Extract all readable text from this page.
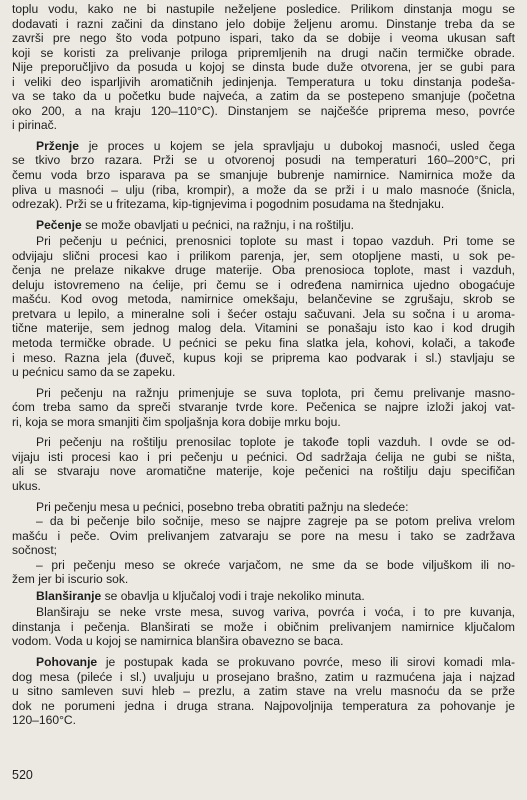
toplu vodu, kako ne bi nastupile neželjene posledice. Prilikom dinstanja mogu se
dodavati i razni začini da dinstano jelo dobije željenu aromu. Dinstanje treba da se
završi pre nego što voda potpuno ispari, tako da se dobije i veoma ukusan saft
koji se koristi za prelivanje priloga pripremljenih na drugi način termičke obrade.
Nije preporučljivo da posuda u kojoj se dinsta bude duže otvorena, jer se gubi para
i veliki deo isparljivih aromatičnih jedinjenja. Temperatura u toku dinstanja podeša-
va se tako da u početku bude najveća, a zatim da se postepeno smanjuje (početna
oko 200, a na kraju 120–110°C). Dinstanjem se najčešće priprema meso, povrće
i pirinač.
Prženje je proces u kojem se jela spravljaju u dubokoj masnoći, usled čega
se tkivo brzo razara. Prži se u otvorenoj posudi na temperaturi 160–200°C, pri
čemu voda brzo isparava pa se smanjuje bubrenje namirnice. Namirnica može da
pliva u masnoći – ulju (riba, krompir), a može da se prži i u malo masnoće (šnicla,
odrezak). Prži se u fritezama, kip-tignjevima i pogodnim posudama na štednjaku.
Pečenje se može obavljati u pećnici, na ražnju, i na roštilju.
Pri pečenju u pećnici, prenosnici toplote su mast i topao vazduh. Pri tome se
odvijaju slični procesi kao i prilikom parenja, jer, sem otopljene masti, u sok pe-
čenja ne prelaze nikakve druge materije. Oba prenosioca toplote, mast i vazduh,
deluju istovremeno na ćelije, pri čemu se i određena namirnica ujedno obogaćuje
mašću. Kod ovog metoda, namirnice omekšaju, belančevine se zgrušaju, skrob se
pretvara u lepilo, a mineralne soli i šećer ostaju sačuvani. Jela su sočna i u aroma-
tične materije, sem jednog malog dela. Vitamini se ponašaju isto kao i kod drugih
metoda termičke obrade. U pećnici se peku fina slatka jela, kohovi, kolači, a takođe
i meso. Razna jela (đuveč, kupus koji se priprema kao podvarak i sl.) stavljaju se
u pećnicu samo da se zapeku.
Pri pečenju na ražnju primenjuje se suva toplota, pri čemu prelivanje masno-
ćom treba samo da spreči stvaranje tvrde kore. Pečenica se najpre izloži jakoj vat-
ri, koja se mora smanjiti čim spoljašnja kora dobije mrku boju.
Pri pečenju na roštilju prenosilac toplote je takođe topli vazduh. I ovde se od-
vijaju isti procesi kao i pri pečenju u pećnici. Od sadržaja ćelija ne gubi se ništa,
ali se stvaraju nove aromatične materije, koje pečenici na roštilju daju specifičan
ukus.
Pri pečenju mesa u pećnici, posebno treba obratiti pažnju na sledeće:
– da bi pečenje bilo sočnije, meso se najpre zagreje pa se potom preliva vrelom
mašću i peče. Ovim prelivanjem zatvaraju se pore na mesu i tako se zadržava
sočnost;
– pri pečenju meso se okreće varjačom, ne sme da se bode viljuškom ili no-
žem jer bi iscurio sok.
Blanširanje se obavlja u ključaloj vodi i traje nekoliko minuta.
Blanširaju se neke vrste mesa, suvog variva, povrća i voća, i to pre kuvanja,
dinstanja i pečenja. Blanširati se može i običnim prelivanjem namirnice ključalom
vodom. Voda u kojoj se namirnica blanšira obavezno se baca.
Pohovanje je postupak kada se prokuvano povrće, meso ili sirovi komadi mla-
dog mesa (pileće i sl.) uvaljuju u prosejano brašno, zatim u razmućena jaja i najzad
u sitno samleven suvi hleb – prezlu, a zatim stave na vrelu masnoću da se prže
dok ne porumeni jedna i druga strana. Najpovoljnija temperatura za pohovanje je
120–160°C.
520
